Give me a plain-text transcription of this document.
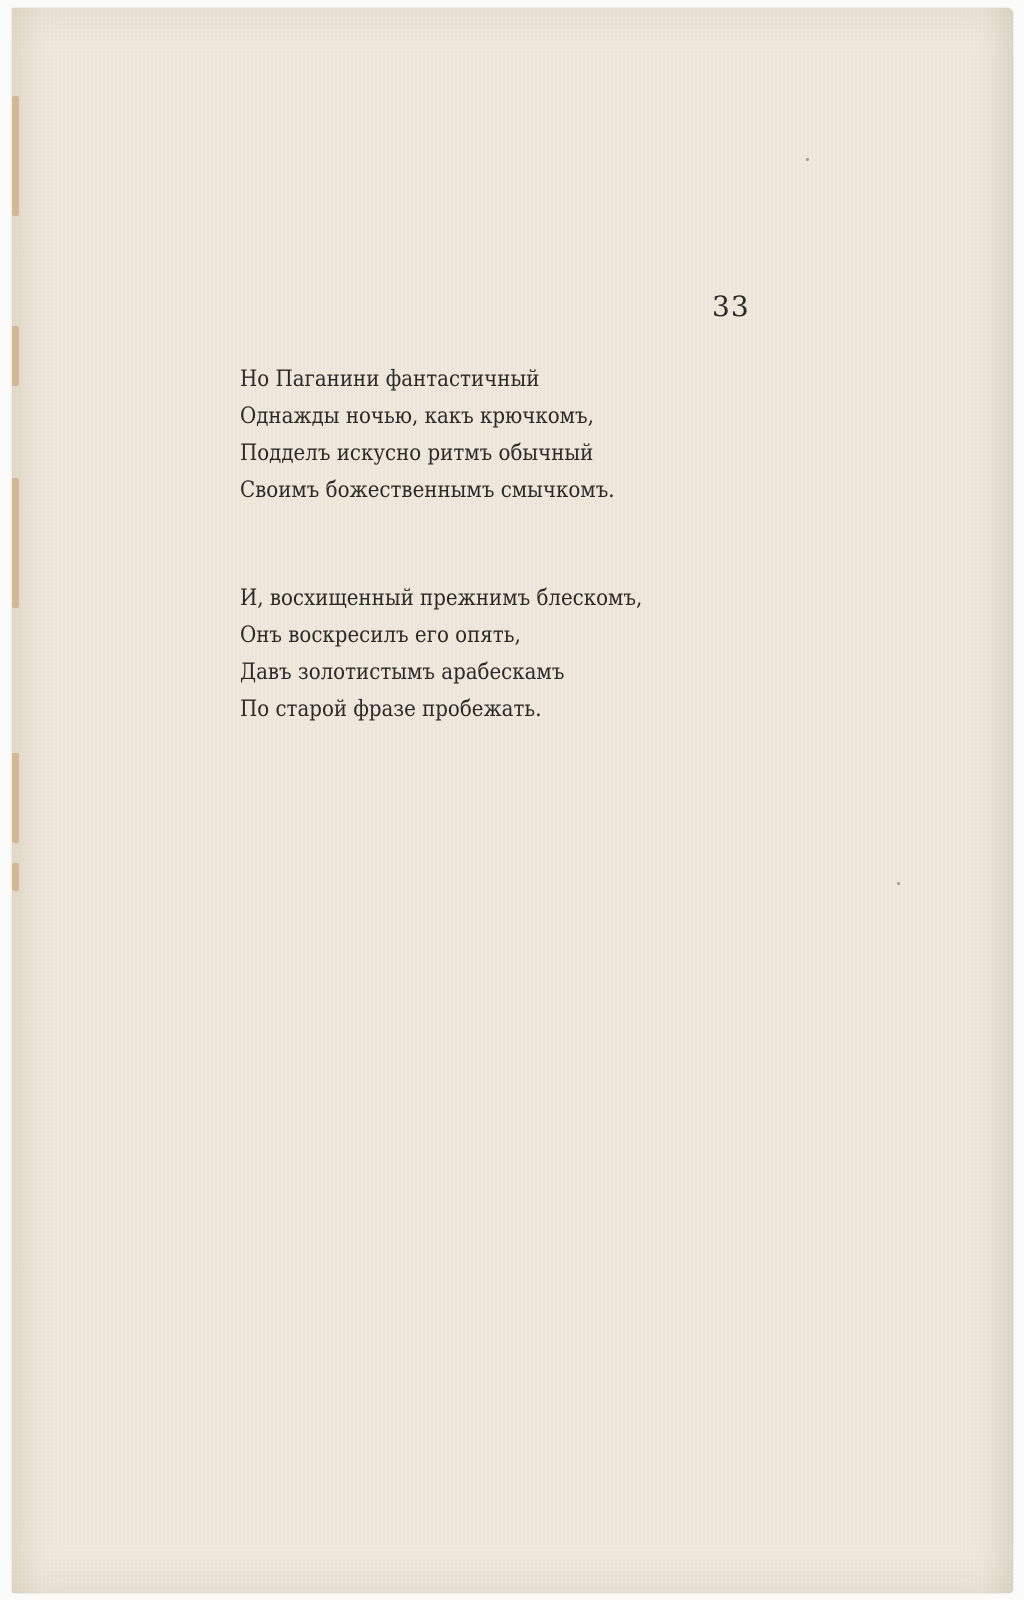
33
Но Паганини фантастичный
Однажды ночью, какъ крючкомъ,
Подделъ искусно ритмъ обычный
Своимъ божественнымъ смычкомъ.
И, восхищенный прежнимъ блескомъ,
Онъ воскресилъ его опять,
Давъ золотистымъ арабескамъ
По старой фразе пробежать.
